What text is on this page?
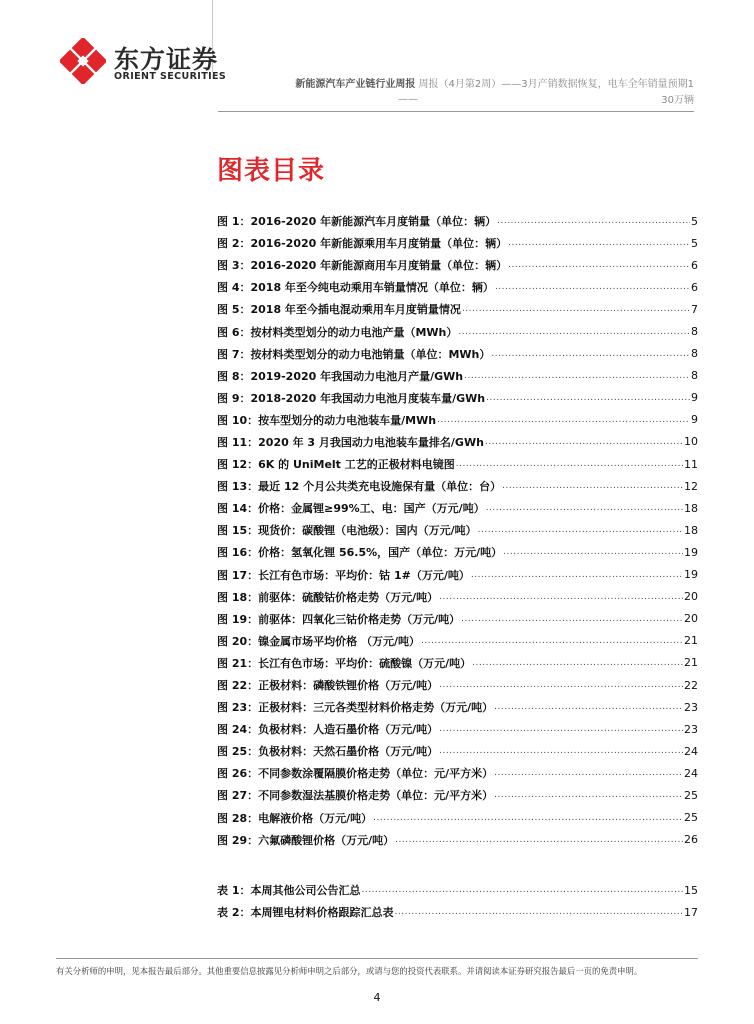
东方证券
ORIENT SECURITIES
新能源汽车产业链行业周报 周报（4月第2周）——3月产销数据恢复，电车全年销量预期1
——	30万辆
图表目录
图 1：2016-2020 年新能源汽车月度销量（单位：辆） .....	5
图 2：2016-2020 年新能源乘用车月度销量（单位：辆） .....	5
图 3：2016-2020 年新能源商用车月度销量（单位：辆） .....	6
图 4：2018 年至今纯电动乘用车销量情况（单位：辆） .....	6
图 5：2018 年至今插电混动乘用车月度销量情况 .....	7
图 6：按材料类型划分的动力电池产量（MWh） .....	8
图 7：按材料类型划分的动力电池销量（单位：MWh） .....	8
图 8：2019-2020 年我国动力电池月产量/GWh .....	8
图 9：2018-2020 年我国动力电池月度装车量/GWh .....	9
图 10：按车型划分的动力电池装车量/MWh .....	9
图 11：2020 年 3 月我国动力电池装车量排名/GWh .....	10
图 12：6K 的 UniMelt 工艺的正极材料电镜图 .....	11
图 13：最近 12 个月公共类充电设施保有量（单位：台） .....	12
图 14：价格：金属锂≥99%工、电：国产（万元/吨） .....	18
图 15：现货价：碳酸锂（电池级）：国内（万元/吨） .....	18
图 16：价格：氢氧化锂 56.5%，国产（单位：万元/吨） .....	19
图 17：长江有色市场：平均价：钴 1#（万元/吨） .....	19
图 18：前驱体：硫酸钴价格走势（万元/吨） .....	20
图 19：前驱体：四氧化三钴价格走势（万元/吨） .....	20
图 20：镍金属市场平均价格 （万元/吨） .....	21
图 21：长江有色市场：平均价：硫酸镍（万元/吨） .....	21
图 22：正极材料：磷酸铁锂价格（万元/吨） .....	22
图 23：正极材料：三元各类型材料价格走势（万元/吨） .....	23
图 24：负极材料：人造石墨价格（万元/吨） .....	23
图 25：负极材料：天然石墨价格（万元/吨） .....	24
图 26：不同参数涂覆隔膜价格走势（单位：元/平方米） .....	24
图 27：不同参数湿法基膜价格走势（单位：元/平方米） .....	25
图 28：电解液价格（万元/吨） .....	25
图 29：六氟磷酸锂价格（万元/吨） .....	26
表 1：本周其他公司公告汇总 .....	15
表 2：本周锂电材料价格跟踪汇总表 .....	17
有关分析师的申明，见本报告最后部分。其他重要信息披露见分析师申明之后部分，或请与您的投资代表联系。并请阅读本证券研究报告最后一页的免责申明。
4
